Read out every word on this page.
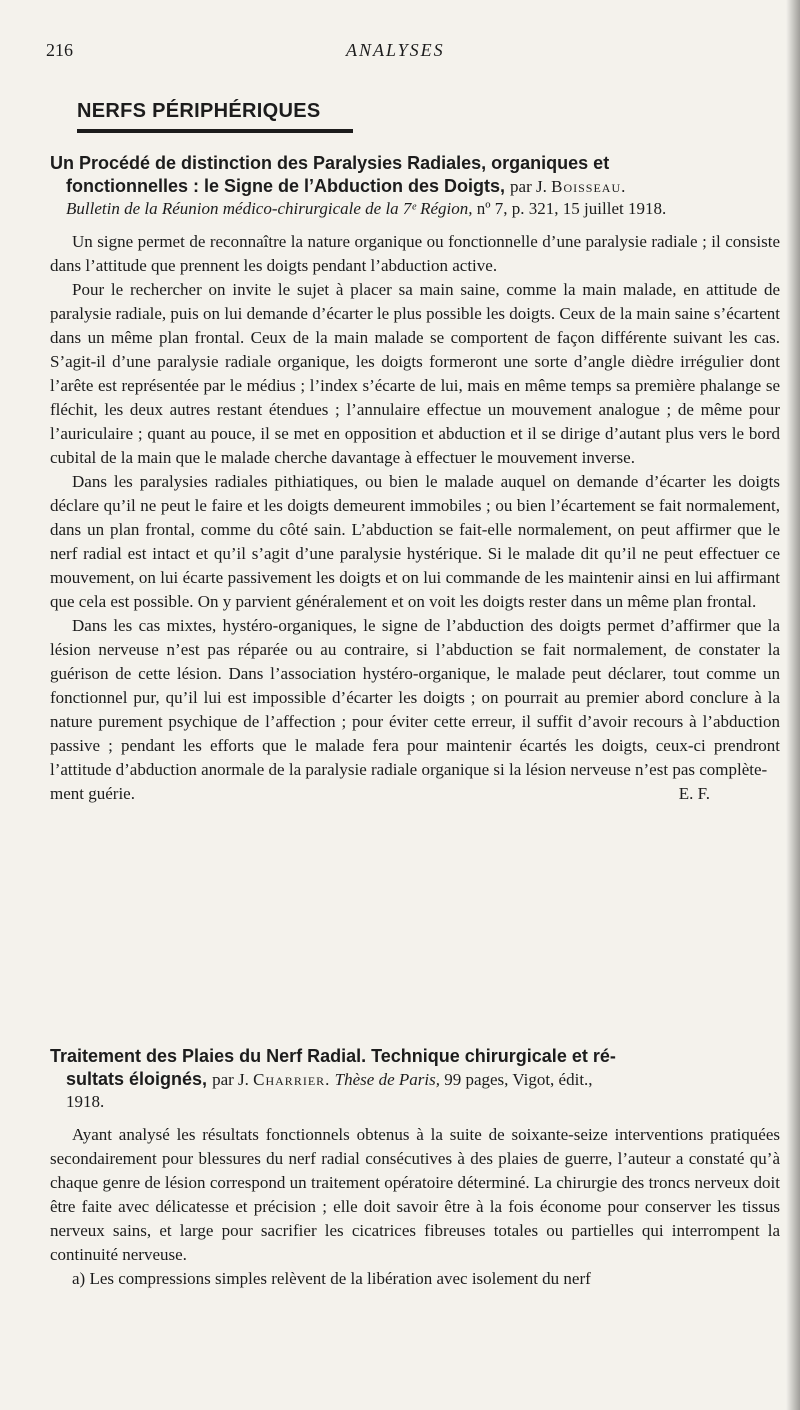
216	ANALYSES
NERFS PÉRIPHÉRIQUES
Un Procédé de distinction des Paralysies Radiales, organiques et
fonctionnelles : le Signe de l’Abduction des Doigts, par J. Boisseau.
Bulletin de la Réunion médico-chirurgicale de la 7ᵉ Région, nº 7, p. 321, 15 juillet 1918.

Un signe permet de reconnaître la nature organique ou fonctionnelle d’une paralysie radiale ; il consiste dans l’attitude que prennent les doigts pendant l’abduction active.

Pour le rechercher on invite le sujet à placer sa main saine, comme la main malade, en attitude de paralysie radiale, puis on lui demande d’écarter le plus possible les doigts. Ceux de la main saine s’écartent dans un même plan frontal. Ceux de la main malade se comportent de façon différente suivant les cas. S’agit-il d’une paralysie radiale organique, les doigts formeront une sorte d’angle dièdre irrégulier dont l’arête est représentée par le médius ; l’index s’écarte de lui, mais en même temps sa première phalange se fléchit, les deux autres restant étendues ; l’annulaire effectue un mouvement analogue ; de même pour l’auriculaire ; quant au pouce, il se met en opposition et abduction et il se dirige d’autant plus vers le bord cubital de la main que le malade cherche davantage à effectuer le mouvement inverse.

Dans les paralysies radiales pithiatiques, ou bien le malade auquel on demande d’écarter les doigts déclare qu’il ne peut le faire et les doigts demeurent immobiles ; ou bien l’écartement se fait normalement, dans un plan frontal, comme du côté sain. L’abduction se fait-elle normalement, on peut affirmer que le nerf radial est intact et qu’il s’agit d’une paralysie hystérique. Si le malade dit qu’il ne peut effectuer ce mouvement, on lui écarte passivement les doigts et on lui commande de les maintenir ainsi en lui affirmant que cela est possible. On y parvient généralement et on voit les doigts rester dans un même plan frontal.

Dans les cas mixtes, hystéro-organiques, le signe de l’abduction des doigts permet d’affirmer que la lésion nerveuse n’est pas réparée ou au contraire, si l’abduction se fait normalement, de constater la guérison de cette lésion. Dans l’association hystéro-organique, le malade peut déclarer, tout comme un fonctionnel pur, qu’il lui est impossible d’écarter les doigts ; on pourrait au premier abord conclure à la nature purement psychique de l’affection ; pour éviter cette erreur, il suffit d’avoir recours à l’abduction passive ; pendant les efforts que le malade fera pour maintenir écartés les doigts, ceux-ci prendront l’attitude d’abduction anormale de la paralysie radiale organique si la lésion nerveuse n’est pas complète-

ment guérie.	E. F.
Traitement des Plaies du Nerf Radial. Technique chirurgicale et ré-
sultats éloignés, par J. Charrier. Thèse de Paris, 99 pages, Vigot, édit.,
1918.

Ayant analysé les résultats fonctionnels obtenus à la suite de soixante-seize interventions pratiquées secondairement pour blessures du nerf radial consécutives à des plaies de guerre, l’auteur a constaté qu’à chaque genre de lésion correspond un traitement opératoire déterminé. La chirurgie des troncs nerveux doit être faite avec délicatesse et précision ; elle doit savoir être à la fois économe pour conserver les tissus nerveux sains, et large pour sacrifier les cicatrices fibreuses totales ou partielles qui interrompent la continuité nerveuse.

a) Les compressions simples relèvent de la libération avec isolement du nerf
